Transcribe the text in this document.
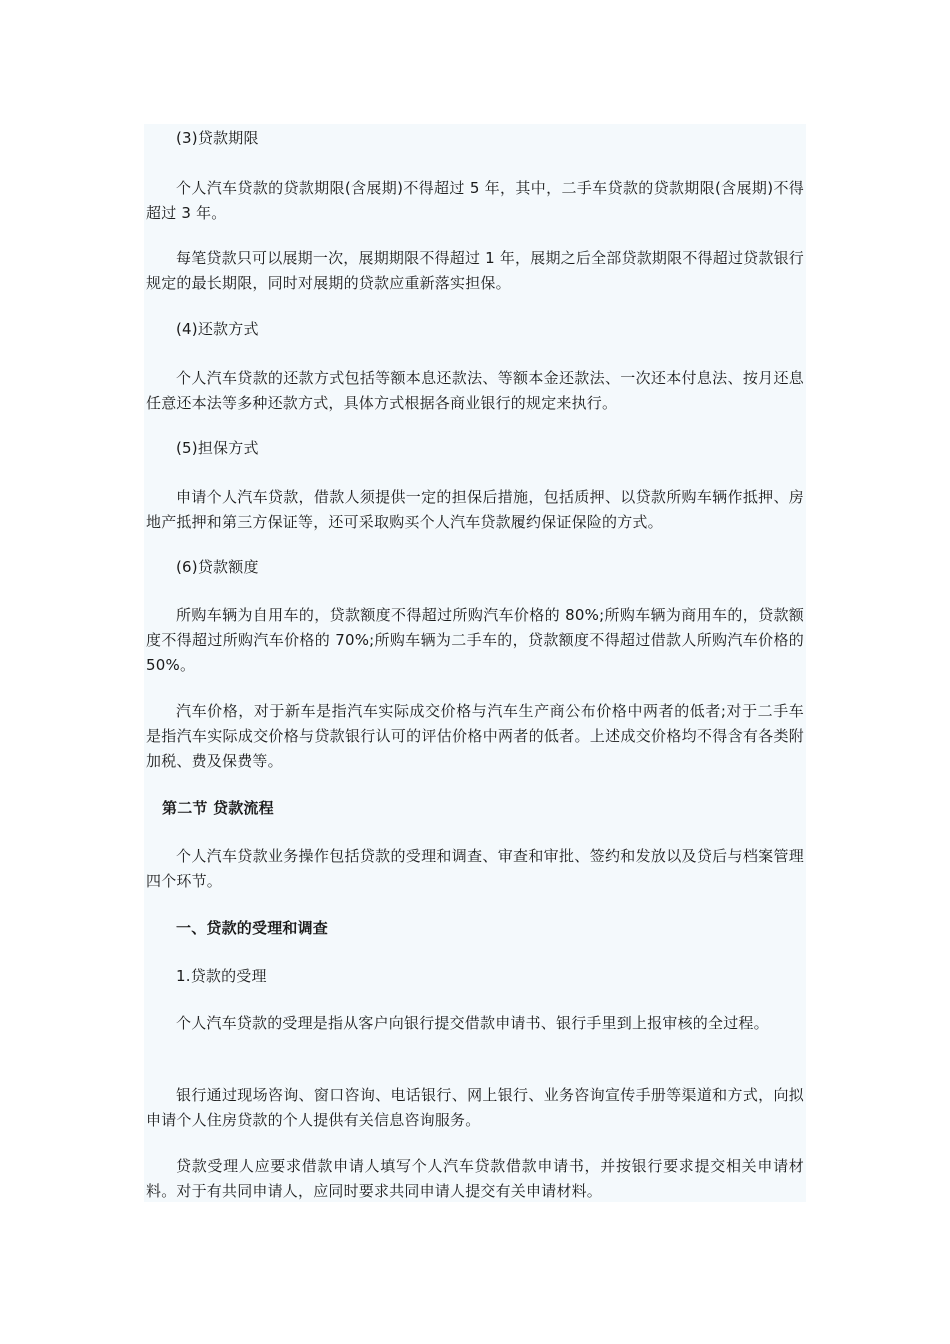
(3)贷款期限

个人汽车贷款的贷款期限(含展期)不得超过 5 年，其中，二手车贷款的贷款期限(含展期)不得超过 3 年。

每笔贷款只可以展期一次，展期期限不得超过 1 年，展期之后全部贷款期限不得超过贷款银行规定的最长期限，同时对展期的贷款应重新落实担保。

(4)还款方式

个人汽车贷款的还款方式包括等额本息还款法、等额本金还款法、一次还本付息法、按月还息任意还本法等多种还款方式，具体方式根据各商业银行的规定来执行。

(5)担保方式

申请个人汽车贷款，借款人须提供一定的担保后措施，包括质押、以贷款所购车辆作抵押、房地产抵押和第三方保证等，还可采取购买个人汽车贷款履约保证保险的方式。

(6)贷款额度

所购车辆为自用车的，贷款额度不得超过所购汽车价格的 80%;所购车辆为商用车的，贷款额度不得超过所购汽车价格的 70%;所购车辆为二手车的，贷款额度不得超过借款人所购汽车价格的 50%。

汽车价格，对于新车是指汽车实际成交价格与汽车生产商公布价格中两者的低者;对于二手车是指汽车实际成交价格与贷款银行认可的评估价格中两者的低者。上述成交价格均不得含有各类附加税、费及保费等。

第二节 贷款流程

个人汽车贷款业务操作包括贷款的受理和调查、审查和审批、签约和发放以及贷后与档案管理四个环节。

一、贷款的受理和调查

1.贷款的受理

个人汽车贷款的受理是指从客户向银行提交借款申请书、银行手里到上报审核的全过程。

银行通过现场咨询、窗口咨询、电话银行、网上银行、业务咨询宣传手册等渠道和方式，向拟申请个人住房贷款的个人提供有关信息咨询服务。

贷款受理人应要求借款申请人填写个人汽车贷款借款申请书，并按银行要求提交相关申请材料。对于有共同申请人，应同时要求共同申请人提交有关申请材料。
